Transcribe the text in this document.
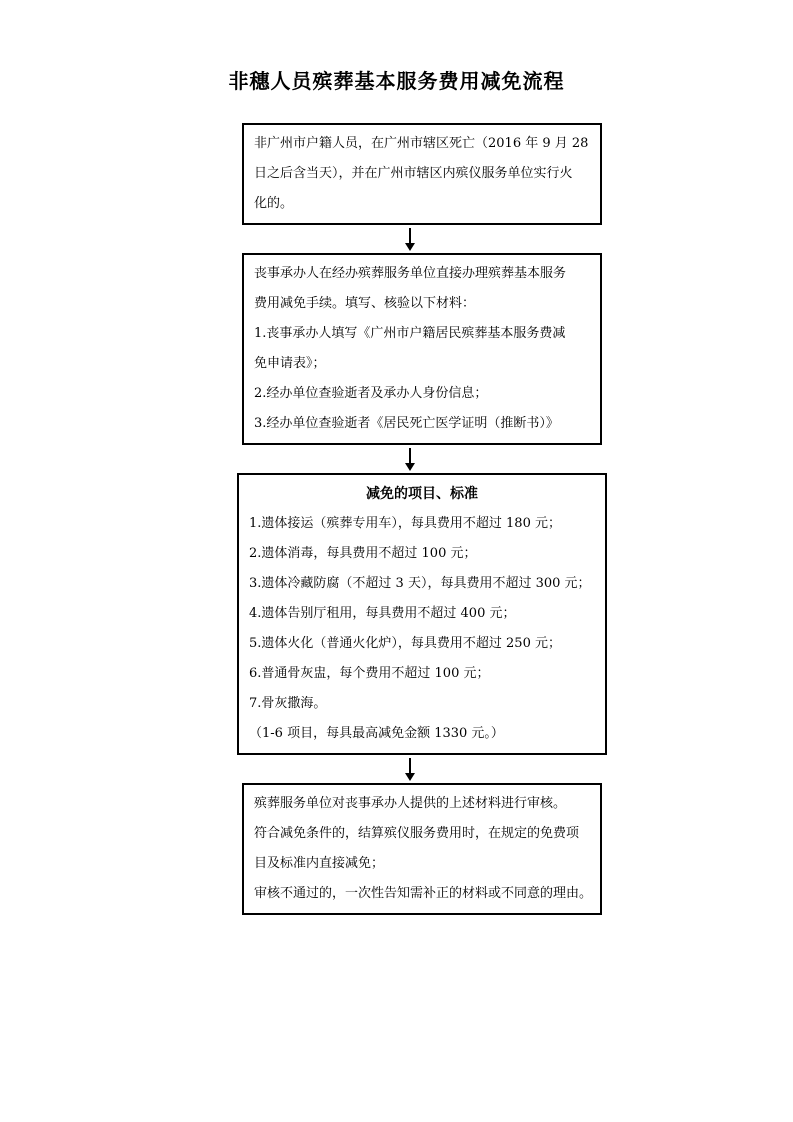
非穗人员殡葬基本服务费用减免流程
非广州市户籍人员，在广州市辖区死亡（2016 年 9 月 28
日之后含当天），并在广州市辖区内殡仪服务单位实行火
化的。
丧事承办人在经办殡葬服务单位直接办理殡葬基本服务
费用减免手续。填写、核验以下材料：
1.丧事承办人填写《广州市户籍居民殡葬基本服务费减
免申请表》；
2.经办单位查验逝者及承办人身份信息；
3.经办单位查验逝者《居民死亡医学证明（推断书）》
减免的项目、标准
1.遗体接运（殡葬专用车），每具费用不超过 180 元；
2.遗体消毒，每具费用不超过 100 元；
3.遗体冷藏防腐（不超过 3 天），每具费用不超过 300 元；
4.遗体告别厅租用，每具费用不超过 400 元；
5.遗体火化（普通火化炉），每具费用不超过 250 元；
6.普通骨灰盅，每个费用不超过 100 元；
7.骨灰撒海。
（1-6 项目，每具最高减免金额 1330 元。）
殡葬服务单位对丧事承办人提供的上述材料进行审核。
符合减免条件的，结算殡仪服务费用时，在规定的免费项
目及标准内直接减免；
审核不通过的，一次性告知需补正的材料或不同意的理由。
